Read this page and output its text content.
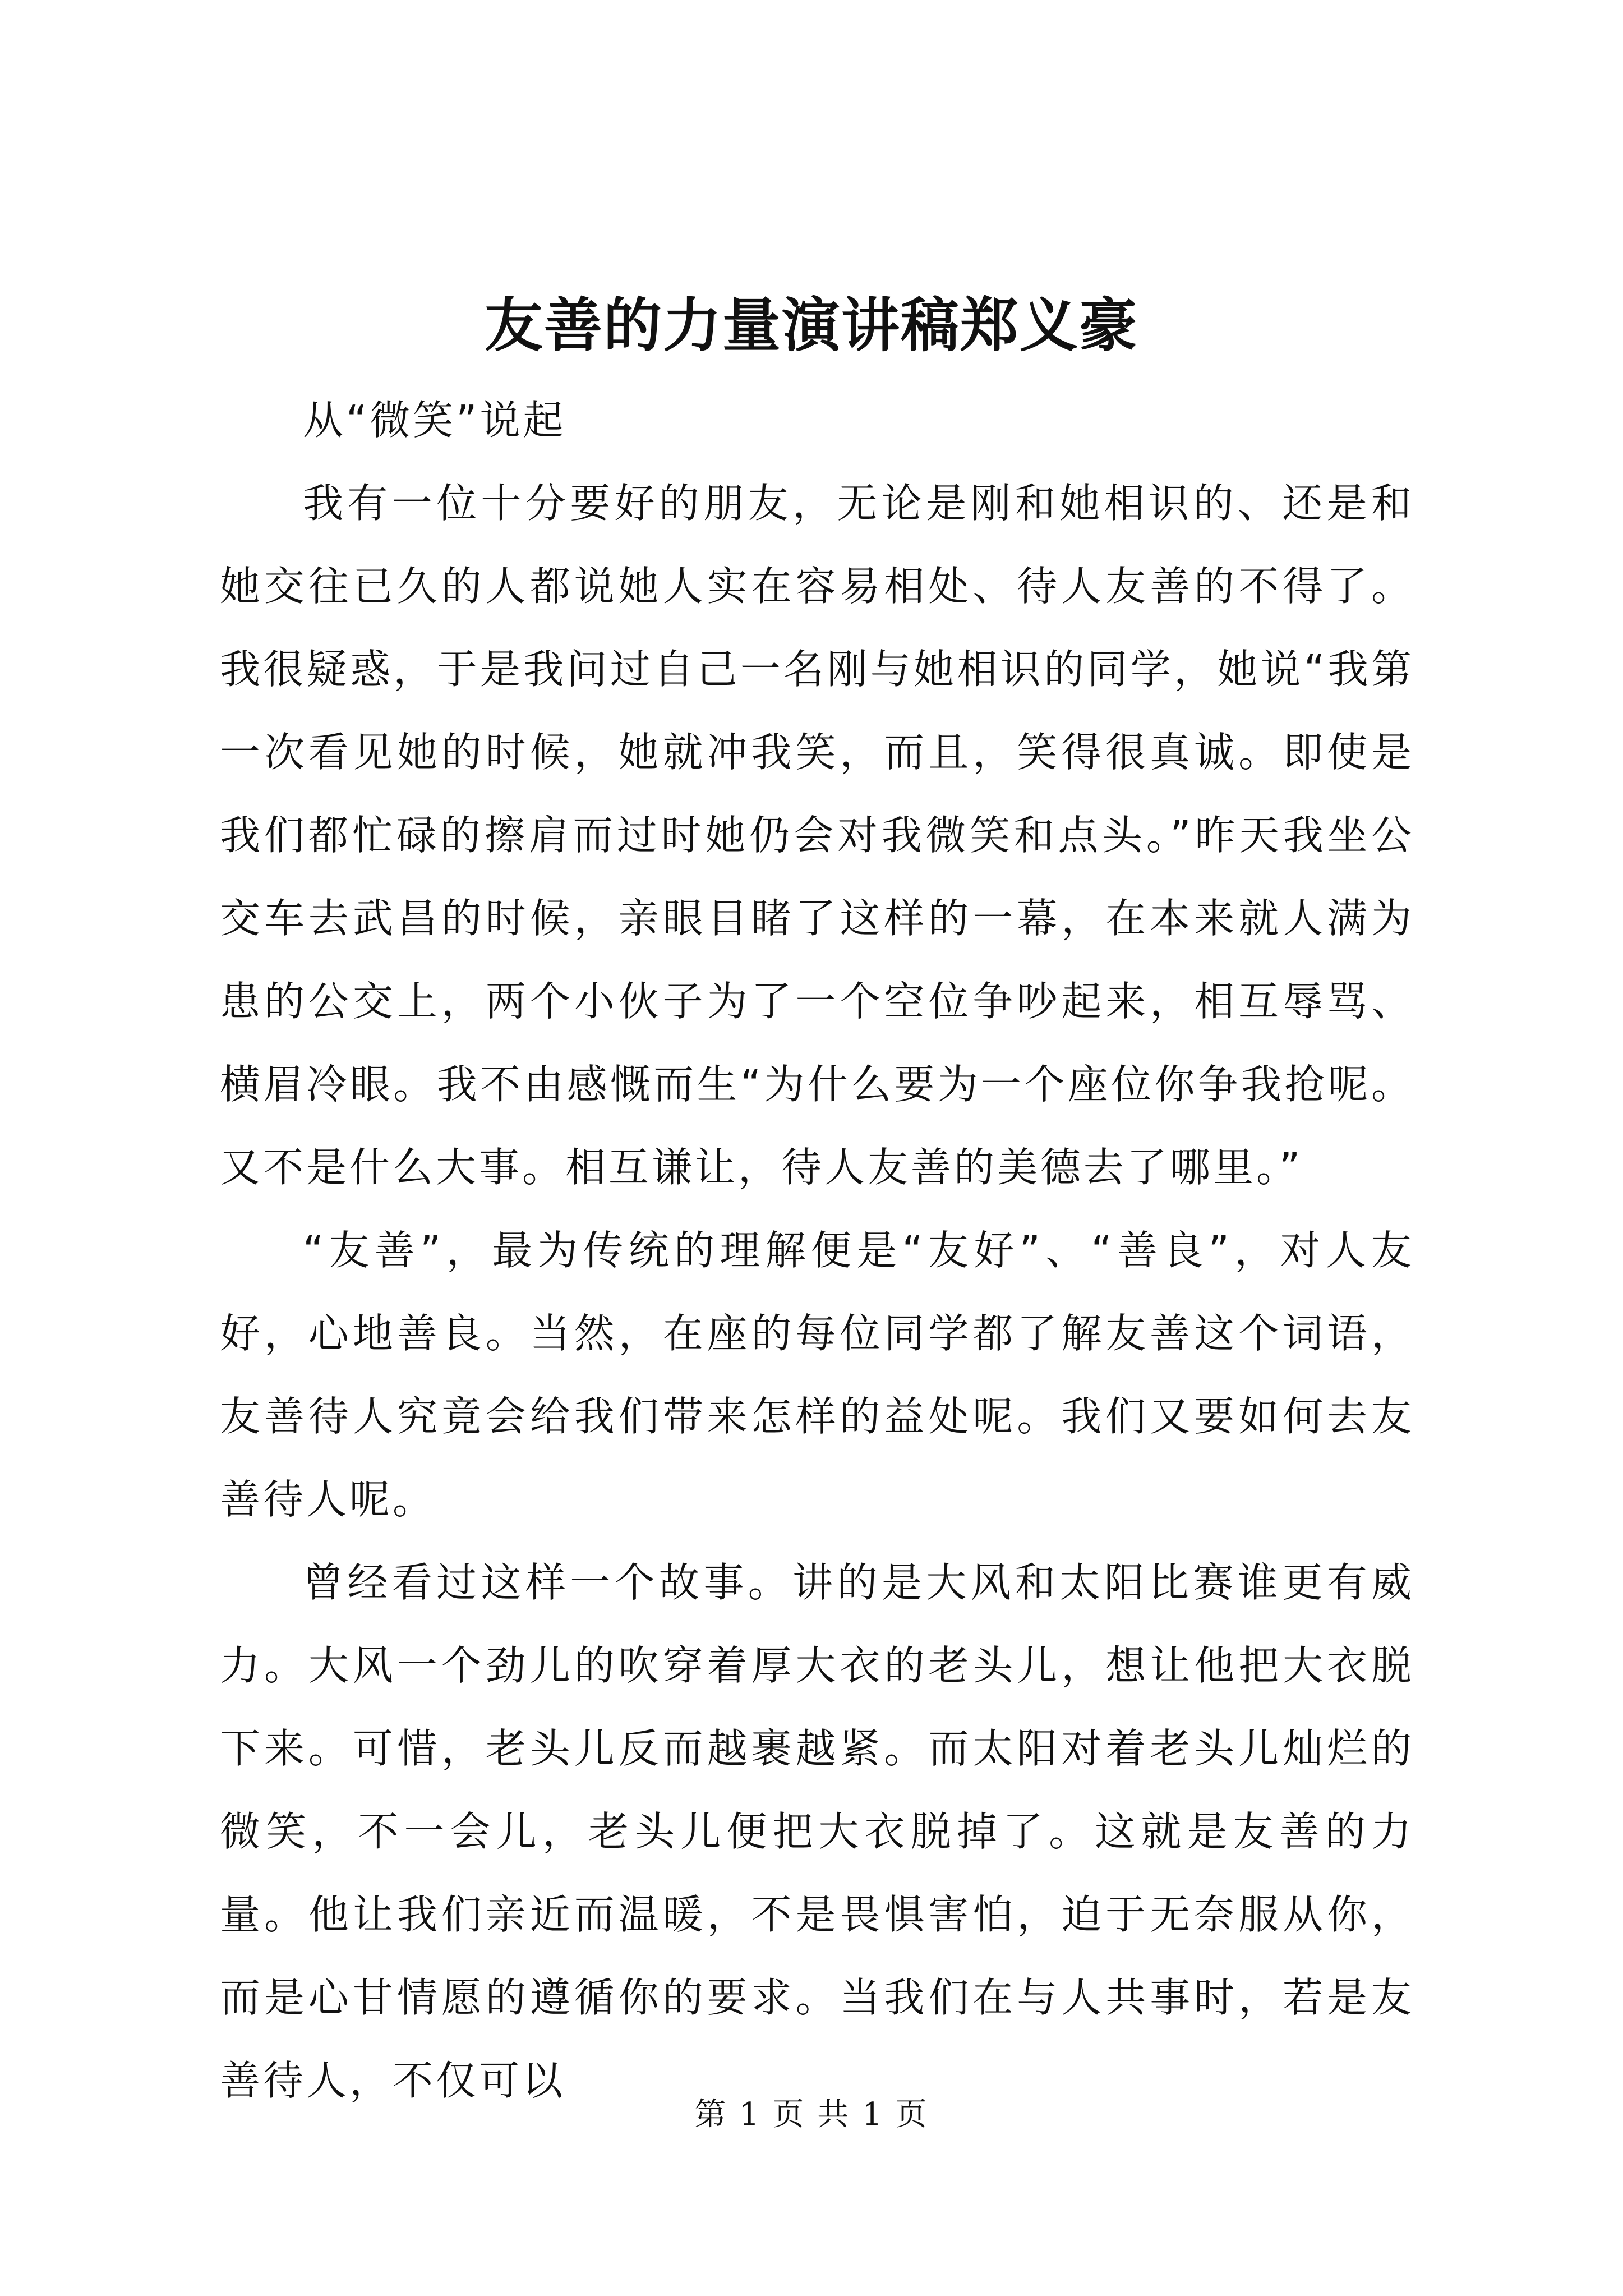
友善的力量演讲稿郑义豪

从“微笑”说起

我有一位十分要好的朋友，无论是刚和她相识的、还是和她交往已久的人都说她人实在容易相处、待人友善的不得了。我很疑惑，于是我问过自己一名刚与她相识的同学，她说“我第一次看见她的时候，她就冲我笑，而且，笑得很真诚。即使是我们都忙碌的擦肩而过时她仍会对我微笑和点头。”昨天我坐公交车去武昌的时候，亲眼目睹了这样的一幕，在本来就人满为患的公交上，两个小伙子为了一个空位争吵起来，相互辱骂、横眉冷眼。我不由感慨而生“为什么要为一个座位你争我抢呢。又不是什么大事。相互谦让，待人友善的美德去了哪里。”

“友善”，最为传统的理解便是“友好”、“善良”，对人友好，心地善良。当然，在座的每位同学都了解友善这个词语，友善待人究竟会给我们带来怎样的益处呢。我们又要如何去友善待人呢。

曾经看过这样一个故事。讲的是大风和太阳比赛谁更有威力。大风一个劲儿的吹穿着厚大衣的老头儿，想让他把大衣脱下来。可惜，老头儿反而越裹越紧。而太阳对着老头儿灿烂的微笑，不一会儿，老头儿便把大衣脱掉了。这就是友善的力量。他让我们亲近而温暖，不是畏惧害怕，迫于无奈服从你，而是心甘情愿的遵循你的要求。当我们在与人共事时，若是友善待人，不仅可以

第 1 页 共 1 页
